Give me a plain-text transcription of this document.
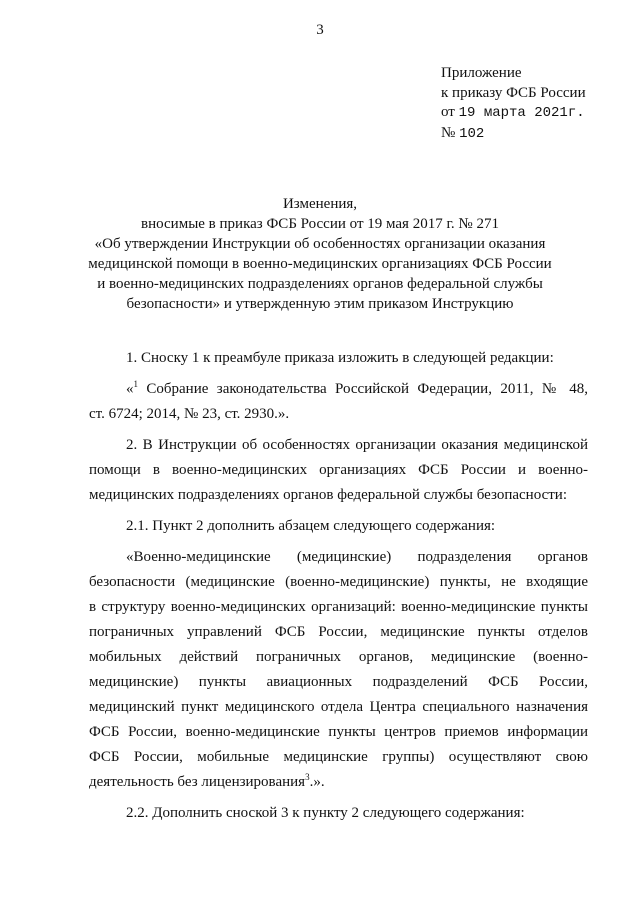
3
Приложение
к приказу ФСБ России
от 19 марта 2021г.
№ 102
Изменения,
вносимые в приказ ФСБ России от 19 мая 2017 г. № 271
«Об утверждении Инструкции об особенностях организации оказания
медицинской помощи в военно-медицинских организациях ФСБ России
и военно-медицинских подразделениях органов федеральной службы
безопасности» и утвержденную этим приказом Инструкцию

1. Сноску 1 к преамбуле приказа изложить в следующей редакции:

«$^1$ Собрание законодательства Российской Федерации, 2011, № 48,

ст. 6724; 2014, № 23, ст. 2930.».

2. В Инструкции об особенностях организации оказания медицинской

помощи в военно-медицинских организациях ФСБ России и военно-

медицинских подразделениях органов федеральной службы безопасности:

2.1. Пункт 2 дополнить абзацем следующего содержания:

«Военно-медицинские (медицинские) подразделения органов

безопасности (медицинские (военно-медицинские) пункты, не входящие

в структуру военно-медицинских организаций: военно-медицинские пункты

пограничных управлений ФСБ России, медицинские пункты отделов

мобильных действий пограничных органов, медицинские (военно-

медицинские) пункты авиационных подразделений ФСБ России,

медицинский пункт медицинского отдела Центра специального назначения

ФСБ России, военно-медицинские пункты центров приемов информации

ФСБ России, мобильные медицинские группы) осуществляют свою

деятельность без лицензирования$^3$.».

2.2. Дополнить сноской 3 к пункту 2 следующего содержания:
